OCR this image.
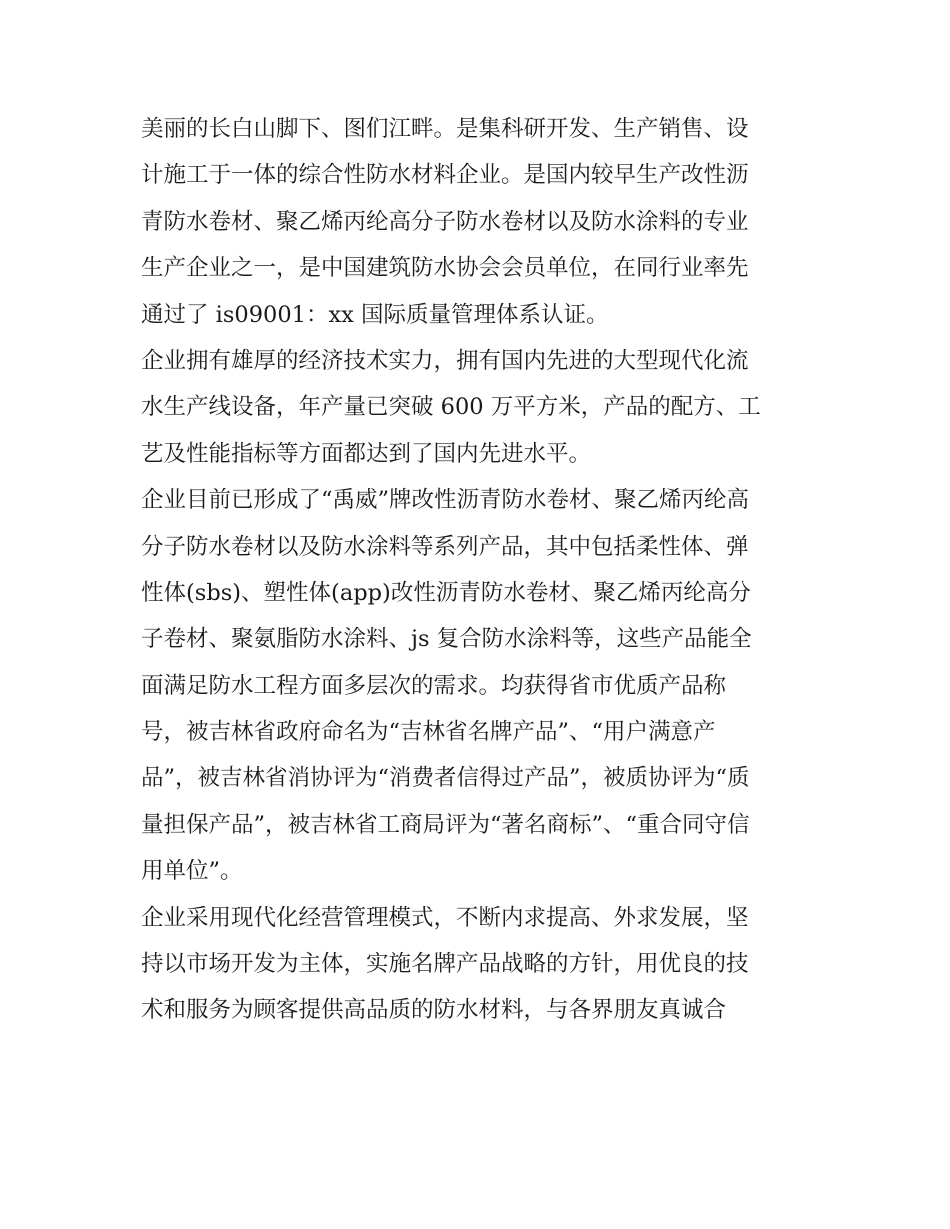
美丽的长白山脚下、图们江畔。是集科研开发、生产销售、设
计施工于一体的综合性防水材料企业。是国内较早生产改性沥
青防水卷材、聚乙烯丙纶高分子防水卷材以及防水涂料的专业
生产企业之一，是中国建筑防水协会会员单位，在同行业率先
通过了 is09001：xx 国际质量管理体系认证。
企业拥有雄厚的经济技术实力，拥有国内先进的大型现代化流
水生产线设备，年产量已突破 600 万平方米，产品的配方、工
艺及性能指标等方面都达到了国内先进水平。
企业目前已形成了“禹威”牌改性沥青防水卷材、聚乙烯丙纶高
分子防水卷材以及防水涂料等系列产品，其中包括柔性体、弹
性体(sbs)、塑性体(app)改性沥青防水卷材、聚乙烯丙纶高分
子卷材、聚氨脂防水涂料、js 复合防水涂料等，这些产品能全
面满足防水工程方面多层次的需求。均获得省市优质产品称
号，被吉林省政府命名为“吉林省名牌产品”、“用户满意产
品”，被吉林省消协评为“消费者信得过产品”，被质协评为“质
量担保产品”，被吉林省工商局评为“著名商标”、“重合同守信
用单位”。
企业采用现代化经营管理模式，不断内求提高、外求发展，坚
持以市场开发为主体，实施名牌产品战略的方针，用优良的技
术和服务为顾客提供高品质的防水材料，与各界朋友真诚合
